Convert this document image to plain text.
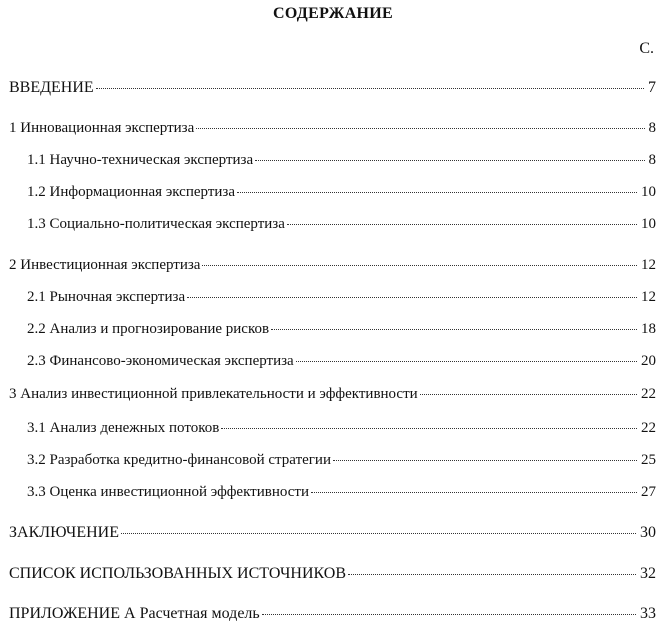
СОДЕРЖАНИЕ
С.
ВВЕДЕНИЕ	7
1 Инновационная экспертиза	8
1.1 Научно-техническая экспертиза	8
1.2 Информационная экспертиза	10
1.3 Социально-политическая экспертиза	10
2 Инвестиционная экспертиза	12
2.1 Рыночная экспертиза	12
2.2 Анализ и прогнозирование рисков	18
2.3 Финансово-экономическая экспертиза	20
3 Анализ инвестиционной привлекательности и эффективности	22
3.1 Анализ денежных потоков	22
3.2 Разработка кредитно-финансовой стратегии	25
3.3 Оценка инвестиционной эффективности	27
ЗАКЛЮЧЕНИЕ	30
СПИСОК ИСПОЛЬЗОВАННЫХ ИСТОЧНИКОВ	32
ПРИЛОЖЕНИЕ А Расчетная модель	33
